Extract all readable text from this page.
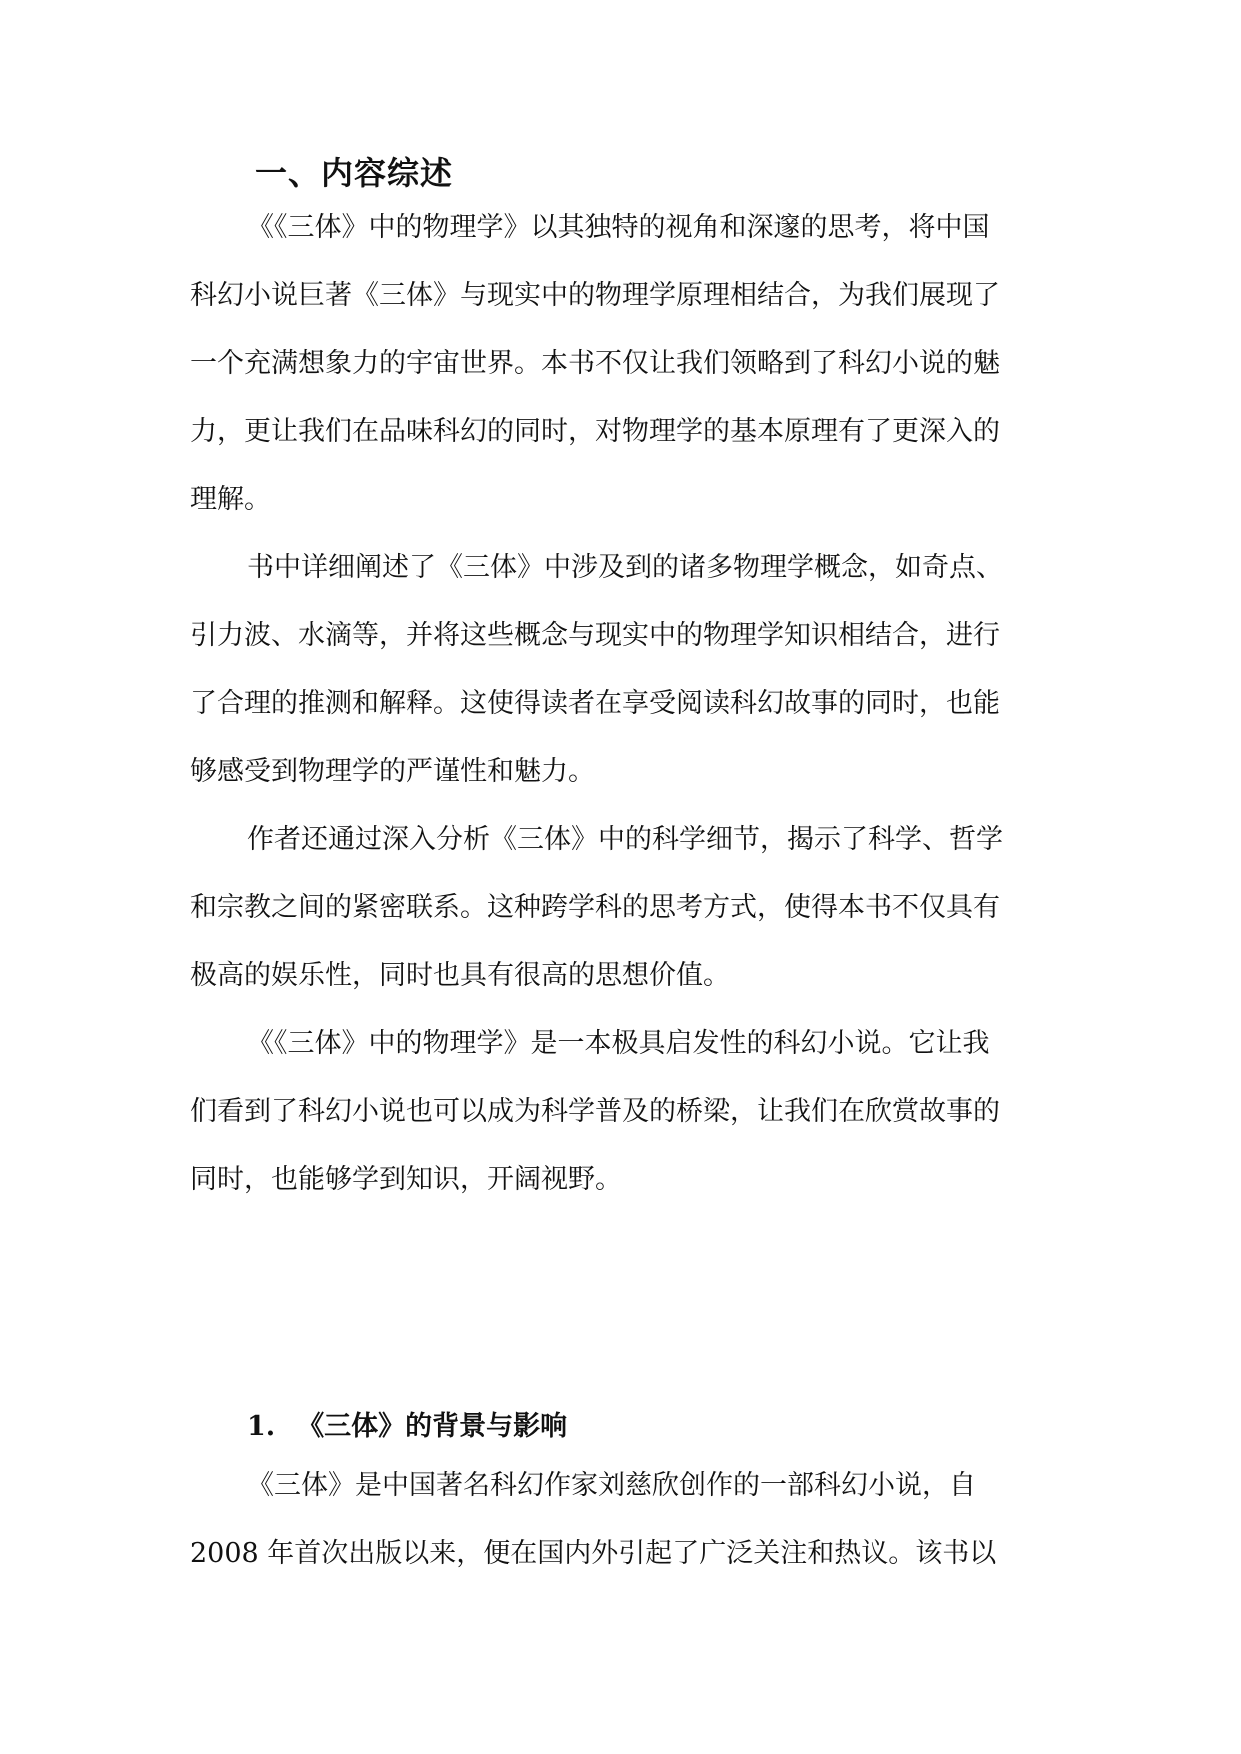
一、内容综述

《《三体》中的物理学》以其独特的视角和深邃的思考，将中国

科幻小说巨著《三体》与现实中的物理学原理相结合，为我们展现了

一个充满想象力的宇宙世界。本书不仅让我们领略到了科幻小说的魅

力，更让我们在品味科幻的同时，对物理学的基本原理有了更深入的

理解。

书中详细阐述了《三体》中涉及到的诸多物理学概念，如奇点、

引力波、水滴等，并将这些概念与现实中的物理学知识相结合，进行

了合理的推测和解释。这使得读者在享受阅读科幻故事的同时，也能

够感受到物理学的严谨性和魅力。

作者还通过深入分析《三体》中的科学细节，揭示了科学、哲学

和宗教之间的紧密联系。这种跨学科的思考方式，使得本书不仅具有

极高的娱乐性，同时也具有很高的思想价值。

《《三体》中的物理学》是一本极具启发性的科幻小说。它让我

们看到了科幻小说也可以成为科学普及的桥梁，让我们在欣赏故事的

同时，也能够学到知识，开阔视野。

1. 《三体》的背景与影响

《三体》是中国著名科幻作家刘慈欣创作的一部科幻小说，自

2008 年首次出版以来，便在国内外引起了广泛关注和热议。该书以
